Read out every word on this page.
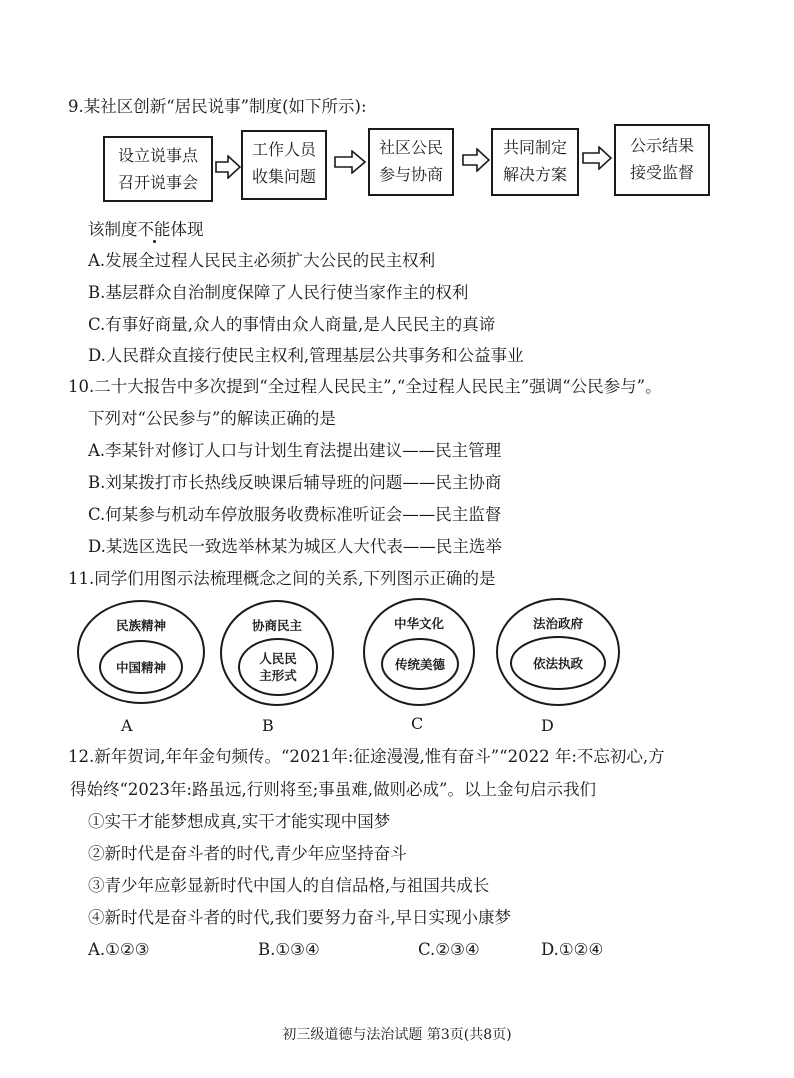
9.某社区创新“居民说事”制度(如下所示):
设立说事点
召开说事会
工作人员
收集问题
社区公民
参与协商
共同制定
解决方案
公示结果
接受监督
该制度不能体现
A.发展全过程人民民主必须扩大公民的民主权利
B.基层群众自治制度保障了人民行使当家作主的权利
C.有事好商量,众人的事情由众人商量,是人民民主的真谛
D.人民群众直接行使民主权利,管理基层公共事务和公益事业
10.二十大报告中多次提到“全过程人民民主”,“全过程人民民主”强调“公民参与”。
下列对“公民参与”的解读正确的是
A.李某针对修订人口与计划生育法提出建议——民主管理
B.刘某拨打市长热线反映课后辅导班的问题——民主协商
C.何某参与机动车停放服务收费标准听证会——民主监督
D.某选区选民一致选举林某为城区人大代表——民主选举
11.同学们用图示法梳理概念之间的关系,下列图示正确的是
民族精神
中国精神
A
协商民主
人民民
主形式
B
中华文化
传统美德
C
法治政府
依法执政
D
12.新年贺词,年年金句频传。“2021年:征途漫漫,惟有奋斗”“2022 年:不忘初心,方
得始终“2023年:路虽远,行则将至;事虽难,做则必成”。以上金句启示我们
①实干才能梦想成真,实干才能实现中国梦
②新时代是奋斗者的时代,青少年应坚持奋斗
③青少年应彰显新时代中国人的自信品格,与祖国共成长
④新时代是奋斗者的时代,我们要努力奋斗,早日实现小康梦
A.①②③	B.①③④	C.②③④	D.①②④
初三级道德与法治试题 第3页(共8页)
